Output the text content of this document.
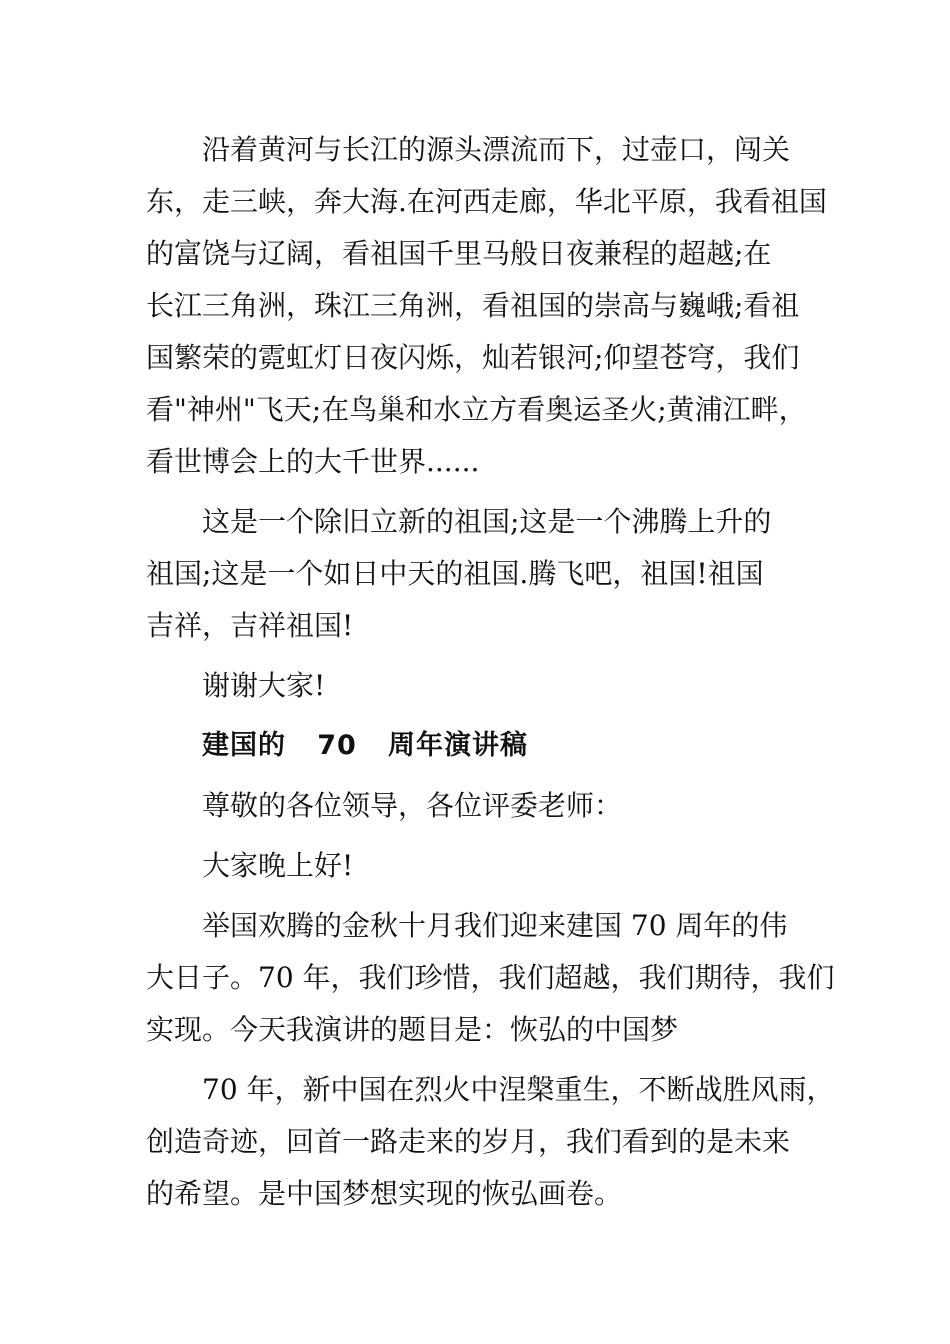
沿着黄河与长江的源头漂流而下，过壶口，闯关
东，走三峡，奔大海.在河西走廊，华北平原，我看祖国
的富饶与辽阔，看祖国千里马般日夜兼程的超越;在
长江三角洲，珠江三角洲，看祖国的崇高与巍峨;看祖
国繁荣的霓虹灯日夜闪烁，灿若银河;仰望苍穹，我们
看"神州"飞天;在鸟巢和水立方看奥运圣火;黄浦江畔，
看世博会上的大千世界......
这是一个除旧立新的祖国;这是一个沸腾上升的
祖国;这是一个如日中天的祖国.腾飞吧，祖国!祖国
吉祥，吉祥祖国!
谢谢大家!
建国的   70   周年演讲稿
尊敬的各位领导，各位评委老师：
大家晚上好!
举国欢腾的金秋十月我们迎来建国 70 周年的伟
大日子。70 年，我们珍惜，我们超越，我们期待，我们
实现。今天我演讲的题目是：恢弘的中国梦
70 年，新中国在烈火中涅槃重生，不断战胜风雨，
创造奇迹，回首一路走来的岁月，我们看到的是未来
的希望。是中国梦想实现的恢弘画卷。
